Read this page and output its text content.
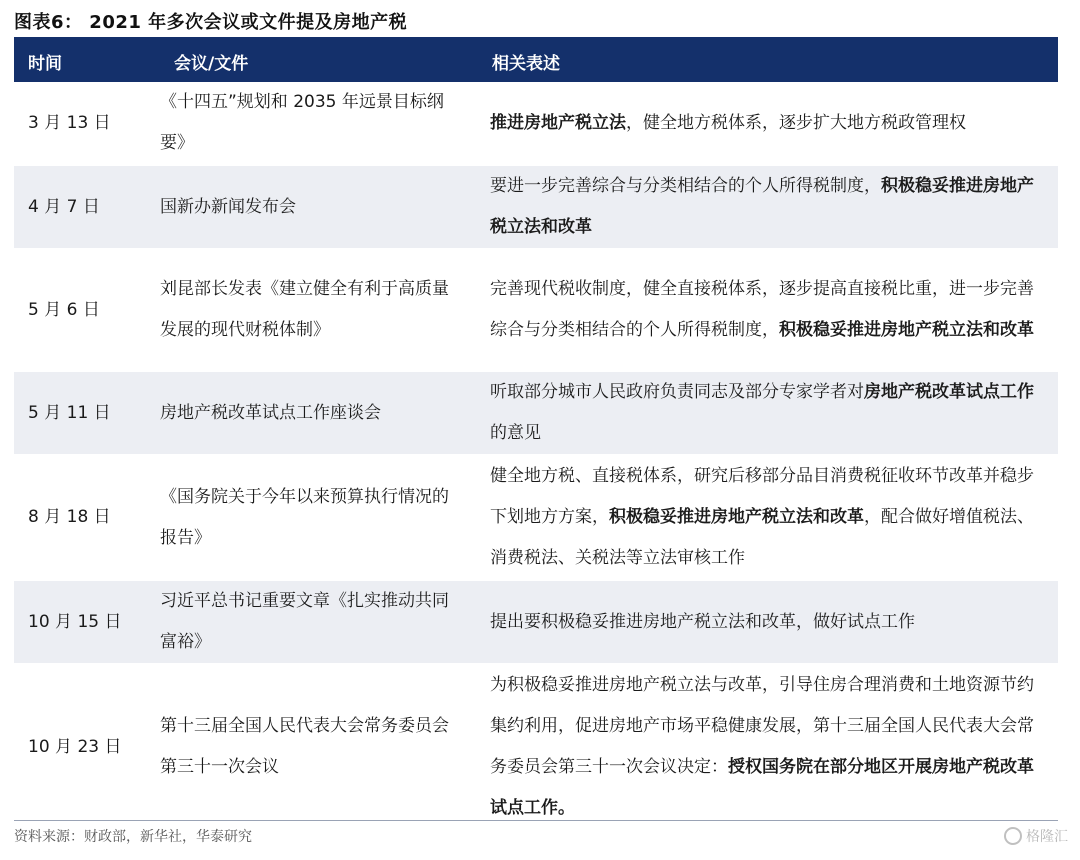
图表6： 2021 年多次会议或文件提及房地产税
时间	会议/文件	相关表述
3 月 13 日	《十四五”规划和 2035 年远景目标纲要》	推进房地产税立法，健全地方税体系，逐步扩大地方税政管理权
4 月 7 日	国新办新闻发布会	要进一步完善综合与分类相结合的个人所得税制度，积极稳妥推进房地产税立法和改革
5 月 6 日	刘昆部长发表《建立健全有利于高质量发展的现代财税体制》	完善现代税收制度，健全直接税体系，逐步提高直接税比重，进一步完善综合与分类相结合的个人所得税制度，积极稳妥推进房地产税立法和改革
5 月 11 日	房地产税改革试点工作座谈会	听取部分城市人民政府负责同志及部分专家学者对房地产税改革试点工作的意见
8 月 18 日	《国务院关于今年以来预算执行情况的报告》	健全地方税、直接税体系，研究后移部分品目消费税征收环节改革并稳步下划地方方案，积极稳妥推进房地产税立法和改革，配合做好增值税法、消费税法、关税法等立法审核工作
10 月 15 日	习近平总书记重要文章《扎实推动共同富裕》	提出要积极稳妥推进房地产税立法和改革，做好试点工作
10 月 23 日	第十三届全国人民代表大会常务委员会第三十一次会议	为积极稳妥推进房地产税立法与改革，引导住房合理消费和土地资源节约集约利用，促进房地产市场平稳健康发展，第十三届全国人民代表大会常务委员会第三十一次会议决定：授权国务院在部分地区开展房地产税改革试点工作。
资料来源：财政部，新华社，华泰研究	格隆汇
